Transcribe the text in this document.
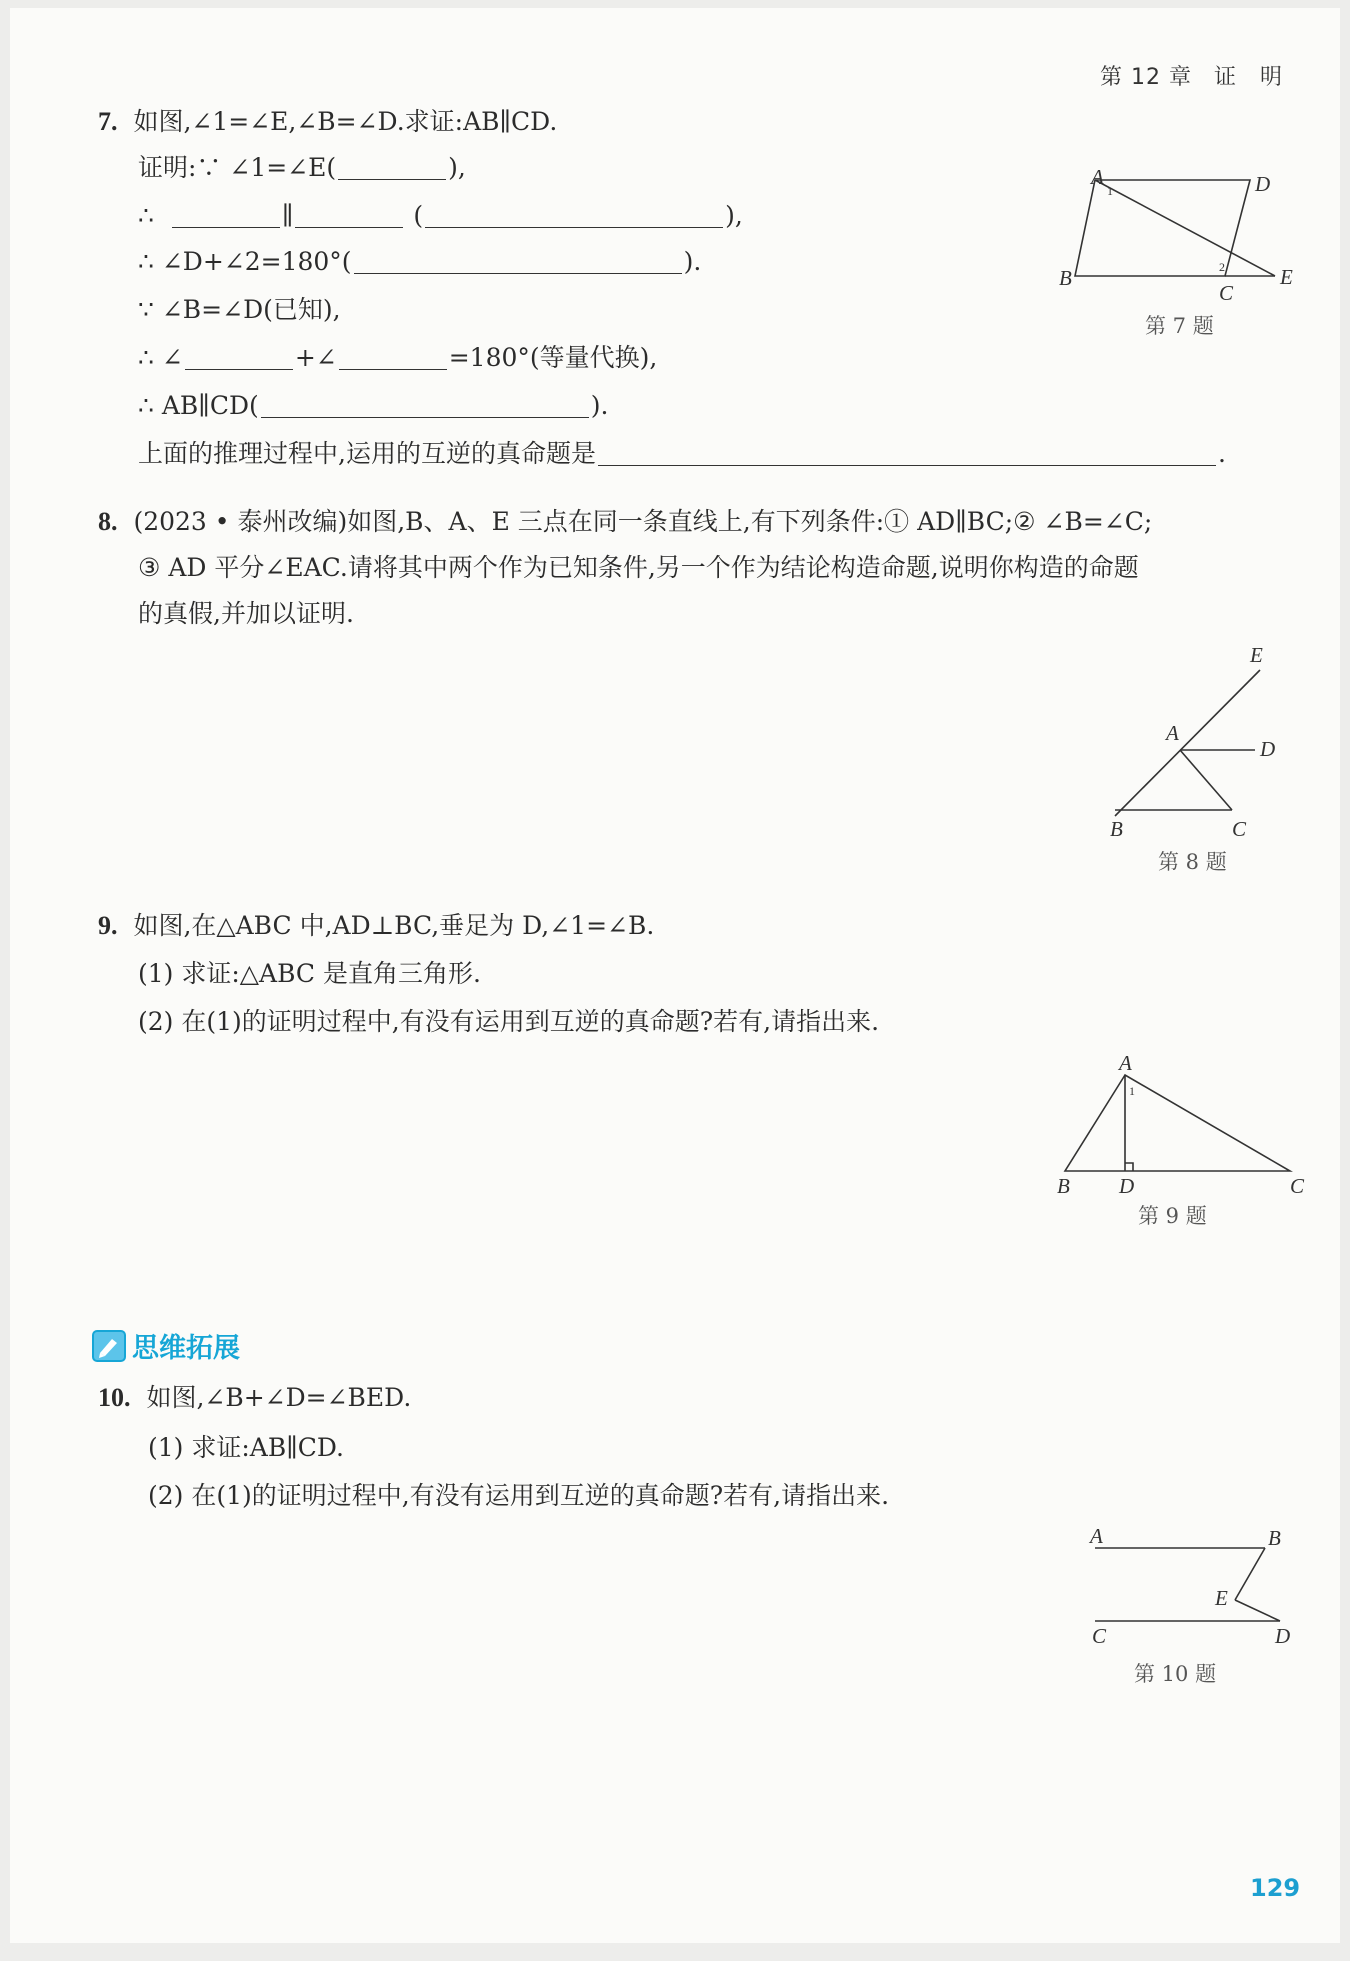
第 12 章 证　明
7. 如图,∠1=∠E,∠B=∠D.求证:AB∥CD.
证明:∵ ∠1=∠E(	),
∴	∥	(	),
∴ ∠D+∠2=180°(	).
∵ ∠B=∠D(已知),
∴ ∠	+∠	=180°(等量代换),
∴ AB∥CD(	).
上面的推理过程中,运用的互逆的真命题是	.
A	D
B
C
E
1
2
第 7 题
8. (2023 • 泰州改编)如图,B、A、E 三点在同一条直线上,有下列条件:① AD∥BC;② ∠B=∠C;
③ AD 平分∠EAC.请将其中两个作为已知条件,另一个作为结论构造命题,说明你构造的命题
的真假,并加以证明.
E
A
D
B	C
第 8 题
9. 如图,在△ABC 中,AD⊥BC,垂足为 D,∠1=∠B.
(1) 求证:△ABC 是直角三角形.
(2) 在(1)的证明过程中,有没有运用到互逆的真命题?若有,请指出来.
A
B D	C
1
第 9 题
思维拓展
10. 如图,∠B+∠D=∠BED.
(1) 求证:AB∥CD.
(2) 在(1)的证明过程中,有没有运用到互逆的真命题?若有,请指出来.
A	B
E
C	D
第 10 题
129
